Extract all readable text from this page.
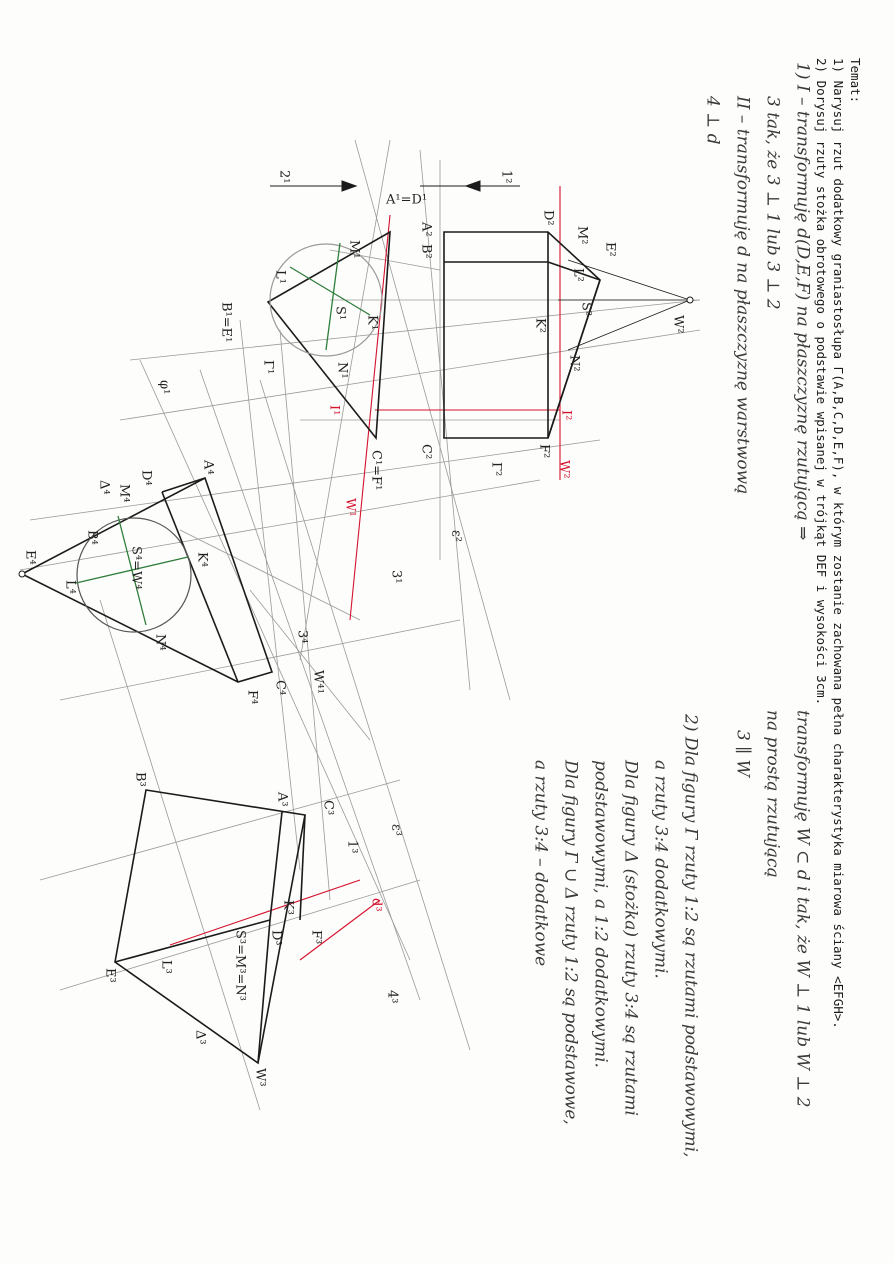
Temat:
1) Narysuj rzut dodatkowy graniastosłupa Γ(A,B,C,D,E,F), w którym zostanie zachowana pełna charakterystyka miarowa ściany <EFGH>.
2) Dorysuj rzuty stożka obrotowego o podstawie wpisanej w trójkąt DEF i wysokości 3cm.
1) I – transformuję d(D,E,F) na płaszczyznę rzutującą ⇒
transformuję W ⊂ d i tak, że W ⊥ 1 lub W ⊥ 2
na prostą rzutującą
3 ∥ W
3 tak, że 3 ⊥ 1 lub 3 ⊥ 2
II – transformuję d na płaszczyznę warstwową
4 ⊥ d
2) Dla figury Γ rzuty 1:2 są rzutami podstawowymi,
a rzuty 3:4 dodatkowymi.
Dla figury Δ (stożka) rzuty 3:4 są rzutami
podstawowymi, a 1:2 dodatkowymi.
Dla figury Γ ∪ Δ rzuty 1:2 są podstawowe,
a rzuty 3:4 – dodatkowe
A¹=D¹
B¹=E¹
C¹=F¹
I¹
W¹
S¹
K¹
L¹
M¹
N¹
Γ¹
φ¹
A²
B²
C²
D²
E²
F²
I²
W²
W²
M²
L²
K²
N²
S²
Γ²
ε²
1²
2¹
3¹
3⁴
A⁴
B⁴
C⁴
D⁴
E⁴
F⁴
S⁴=W⁴	K⁴
L⁴
M⁴
N⁴
Δ⁴
W⁴¹
A³
B³
C³
D³
E³
F³
S³=M³=N³
K³
L³
W³
Δ³
d³
ε³
1³
4³
